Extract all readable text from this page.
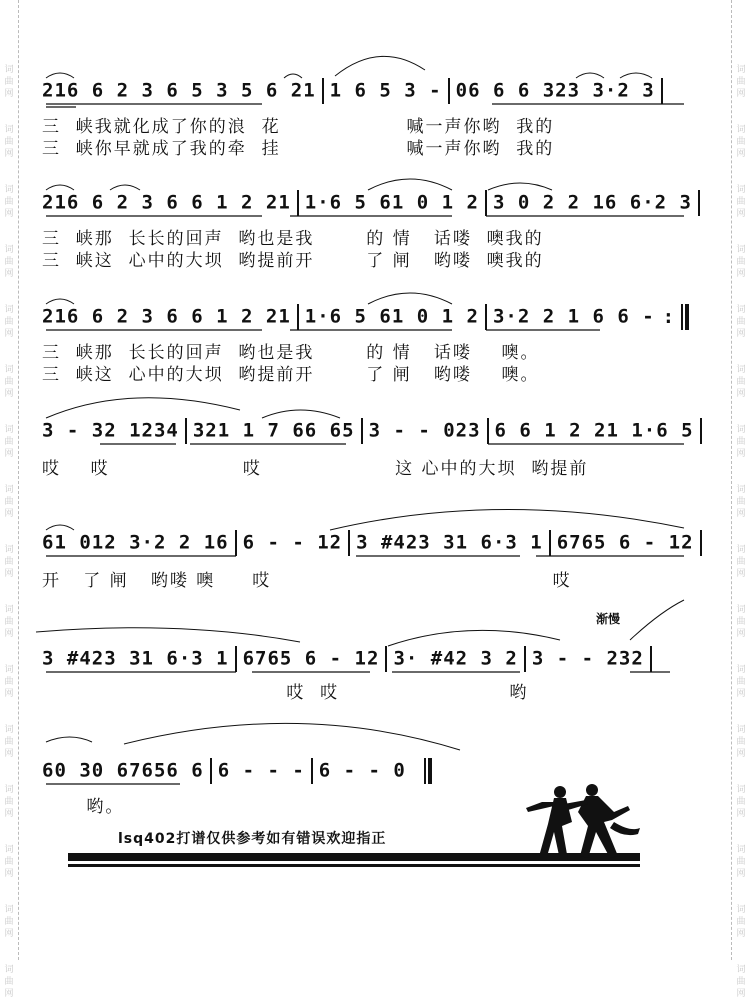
词
曲
网
词
曲
网
词
曲
网
词
曲
网
词
曲
网
词
曲
网
词
曲
网
词
曲
网
词
曲
网
词
曲
网
词
曲
网
词
曲
网
词
曲
网
词
曲
网
词
曲
网
词
曲
网
词
曲
网
词
曲
网
词
曲
网
词
曲
网
词
曲
网
词
曲
网
词
曲
网
词
曲
网
词
曲
网
词
曲
网
词
曲
网
词
曲
网
词
曲
网
词
曲
网
词
曲
网
词
曲
网
216 6 2 3 6 5 3 5 6 21 1 6 5 3 - 06 6 6 323 3·2 3
三  峡我就化成了你的浪  花                 喊一声你哟  我的
三  峡你早就成了我的牵  挂                 喊一声你哟  我的
216 6 2 3 6 6 1 2 21 1·6 5 61 0 1 2 3 0 2 2 16 6·2 3
三  峡那  长长的回声  哟也是我       的 情   话喽  噢我的
三  峡这  心中的大坝  哟提前开       了 闸   哟喽  噢我的
216 6 2 3 6 6 1 2 21 1·6 5 61 0 1 2 3·2 2 1 6 6 - :
三  峡那  长长的回声  哟也是我       的 情   话喽    噢。
三  峡这  心中的大坝  哟提前开       了 闸   哟喽    噢。
3 - 32 1234 321 1 7 66 65 3 - - 023 6 6 1 2 21 1·6 5
哎    哎                  哎                  这 心中的大坝  哟提前
61 012 3·2 2 16 6 - - 12 3 #423 31 6·3 1 6765 6 - 12
开   了 闸   哟喽 噢     哎                                      哎
3 #423 31 6·3 1 6765 6 - 12 3· #42 3 2 3 - - 232
哎  哎                       哟
60 30 67656 6 6 - - - 6 - - 0
哟。
渐慢
lsq402打谱仅供参考如有错误欢迎指正
